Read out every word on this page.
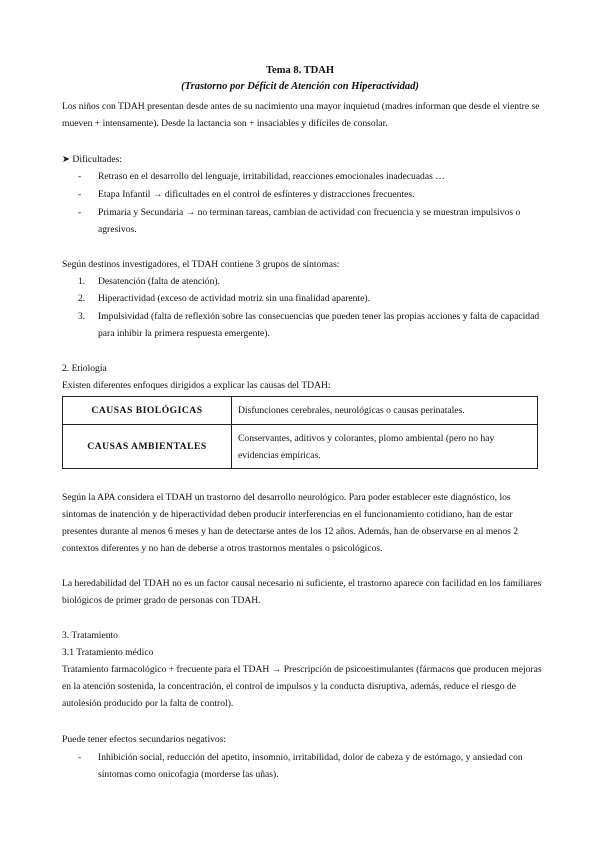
Tema 8. TDAH
(Trastorno por Déficit de Atención con Hiperactividad)

Los niños con TDAH presentan desde antes de su nacimiento una mayor inquietud (madres informan que desde el vientre se mueven + intensamente). Desde la lactancia son + insaciables y difíciles de consolar.

➤ Dificultades:
-	Retraso en el desarrollo del lenguaje, irritabilidad, reacciones emocionales inadecuadas …
-	Etapa Infantil → dificultades en el control de esfínteres y distracciones frecuentes.
-	Primaria y Secundaria → no terminan tareas, cambian de actividad con frecuencia y se muestran impulsivos o agresivos.
Según destinos investigadores, el TDAH contiene 3 grupos de síntomas:
1.	Desatención (falta de atención).
2.	Hiperactividad (exceso de actividad motriz sin una finalidad aparente).
3.	Impulsividad (falta de reflexión sobre las consecuencias que pueden tener las propias acciones y falta de capacidad para inhibir la primera respuesta emergente).
2. Etiología
Existen diferentes enfoques dirigidos a explicar las causas del TDAH:
CAUSAS BIOLÓGICAS	Disfunciones cerebrales, neurológicas o causas perinatales.
CAUSAS AMBIENTALES	Conservantes, aditivos y colorantes, plomo ambiental (pero no hay evidencias empíricas.

Según la APA considera el TDAH un trastorno del desarrollo neurológico. Para poder establecer este diagnóstico, los síntomas de inatención y de hiperactividad deben producir interferencias en el funcionamiento cotidiano, han de estar presentes durante al menos 6 meses y han de detectarse antes de los 12 años. Además, han de observarse en al menos 2 contextos diferentes y no han de deberse a otros trastornos mentales o psicológicos.

La heredabilidad del TDAH no es un factor causal necesario ni suficiente, el trastorno aparece con facilidad en los familiares biológicos de primer grado de personas con TDAH.

3. Tratamiento
3.1 Tratamiento médico

Tratamiento farmacológico + frecuente para el TDAH → Prescripción de psicoestimulantes (fármacos que producen mejoras en la atención sostenida, la concentración, el control de impulsos y la conducta disruptiva, además, reduce el riesgo de autolesión producido por la falta de control).

Puede tener efectos secundarios negativos:
-	Inhibición social, reducción del apetito, insomnio, irritabilidad, dolor de cabeza y de estómago, y ansiedad con síntomas como onicofagia (morderse las uñas).
